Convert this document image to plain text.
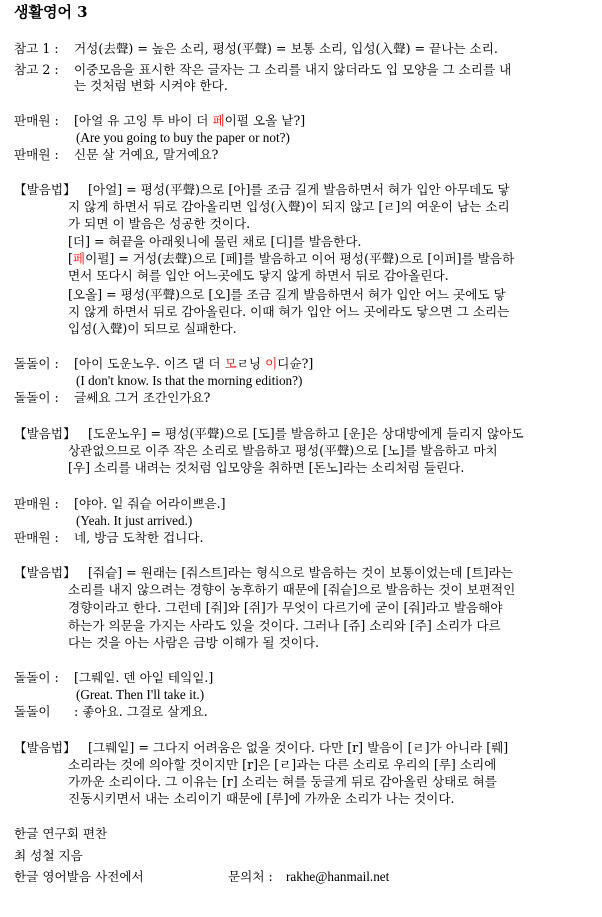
생활영어 3
참고 1 : 거성(去聲) = 높은 소리, 평성(平聲) = 보통 소리, 입성(入聲) = 끝나는 소리.
참고 2 : 이중모음을 표시한 작은 글자는 그 소리를 내지 않더라도 입 모양을 그 소리를 내
는 것처럼 변화 시켜야 한다.
판매원 : [아얼 유 고잉 투 바이 더 페이펄 오올 낱?]
(Are you going to buy the paper or not?)
판매원 : 신문 살 거예요, 말거예요?
【발음법】 [아얼] = 평성(平聲)으로 [아]를 조금 길게 발음하면서 혀가 입안 아무데도 닿
지 않게 하면서 뒤로 감아올리면 입성(入聲)이 되지 않고 [ㄹ]의 여운이 남는 소리
가 되면 이 발음은 성공한 것이다.
[더] = 혀끝을 아래윗니에 물린 채로 [디]를 발음한다.
[페이펄] = 거성(去聲)으로 [페]를 발음하고 이어 평성(平聲)으로 [이퍼]를 발음하
면서 또다시 혀를 입안 어느곳에도 닿지 않게 하면서 뒤로 감아올린다.
[오올] = 평성(平聲)으로 [오]를 조금 길게 발음하면서 혀가 입안 어느 곳에도 닿
지 않게 하면서 뒤로 감아올린다. 이때 혀가 입안 어느 곳에라도 닿으면 그 소리는
입성(入聲)이 되므로 실패한다.
돌돌이 : [아이 도운노우. 이즈 댙 더 모ㄹ닝 이디슌?]
(I don't know. Is that the morning edition?)
돌돌이 : 글쎄요 그거 조간인가요?
【발음법】 [도운노우] = 평성(平聲)으로 [도]를 발음하고 [운]은 상대방에게 들리지 않아도
상관없으므로 이주 작은 소리로 발음하고 평성(平聲)으로 [노]를 발음하고 마치
[우] 소리를 내려는 것처럼 입모양을 취하면 [돈노]라는 소리처럼 들린다.
판매원 : [야아. 잍 줘슽 어라이쁘읃.]
(Yeah. It just arrived.)
판매원 : 네, 방금 도착한 겁니다.
【발음법】 [줘슽] = 원래는 [줘스트]라는 형식으로 발음하는 것이 보통이었는데 [트]라는
소리를 내지 않으려는 경향이 농후하기 때문에 [줘슽]으로 발음하는 것이 보편적인
경향이라고 한다. 그런데 [줘]와 [쥐]가 무엇이 다르기에 굳이 [줘]라고 발음해야
하는가 의문을 가지는 사라도 있을 것이다. 그러나 [쥬] 소리와 [주] 소리가 다르
다는 것을 아는 사람은 금방 이해가 될 것이다.
돌돌이 : [그뤠잍. 덴 아잍 테잌잍.]
(Great. Then I'll take it.)
돌돌이 : 좋아요. 그걸로 살게요.
【발음법】 [그뤠잍] = 그다지 어려움은 없을 것이다. 다만 [r] 발음이 [ㄹ]가 아니라 [뤠]
소리라는 것에 의아할 것이지만 [r]은 [ㄹ]과는 다른 소리로 우리의 [루] 소리에
가까운 소리이다. 그 이유는 [r] 소리는 혀를 둥글게 뒤로 감아올린 상태로 혀를
진동시키면서 내는 소리이기 때문에 [루]에 가까운 소리가 나는 것이다.
한글 연구회 편찬
최 성철 지음
한글 영어발음 사전에서	문의처 : rakhe@hanmail.net
